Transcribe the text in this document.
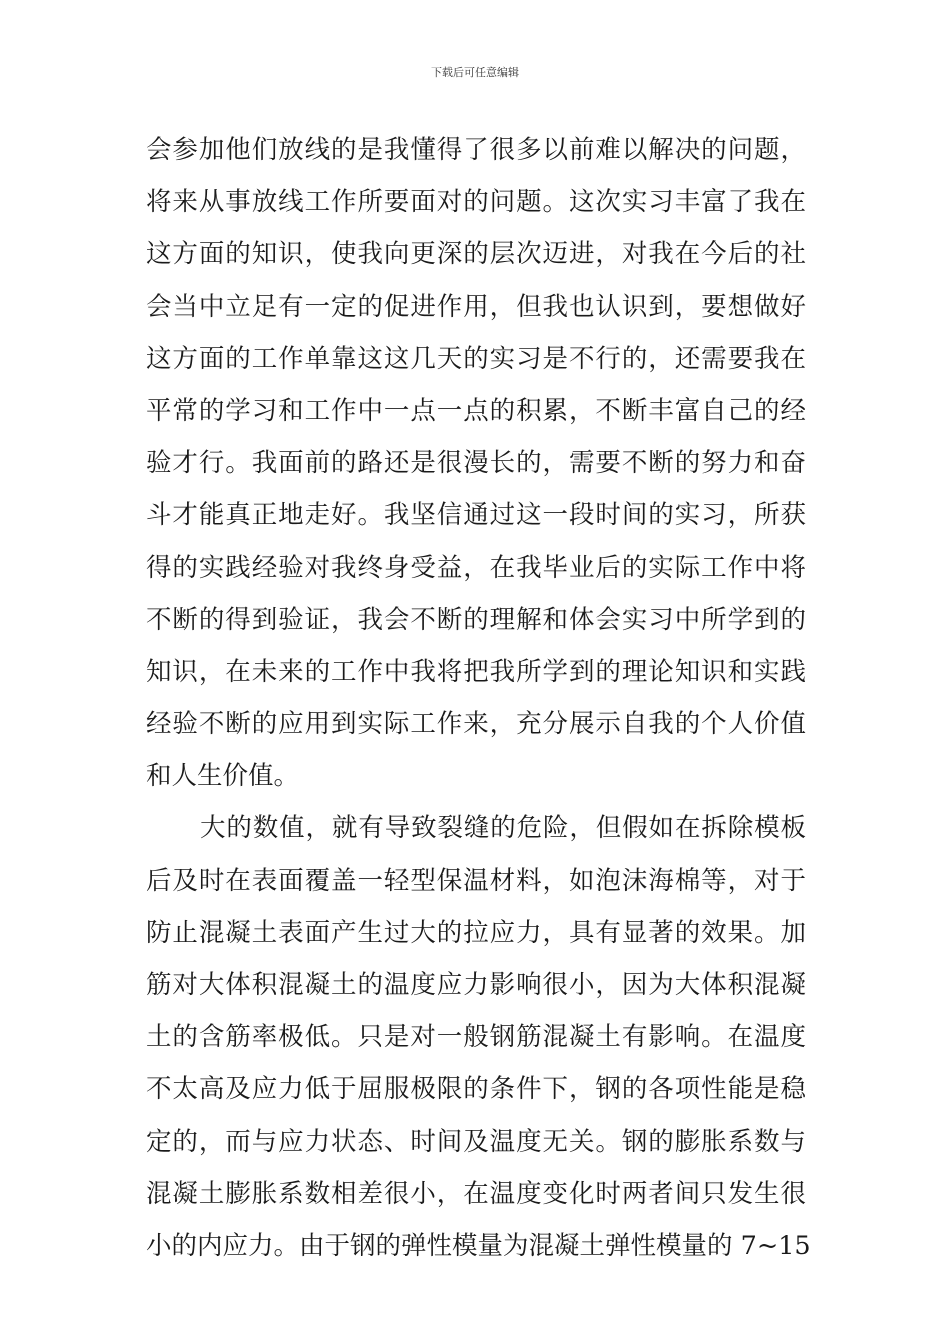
下载后可任意编辑
会参加他们放线的是我懂得了很多以前难以解决的问题，
将来从事放线工作所要面对的问题。这次实习丰富了我在
这方面的知识，使我向更深的层次迈进，对我在今后的社
会当中立足有一定的促进作用，但我也认识到，要想做好
这方面的工作单靠这这几天的实习是不行的，还需要我在
平常的学习和工作中一点一点的积累，不断丰富自己的经
验才行。我面前的路还是很漫长的，需要不断的努力和奋
斗才能真正地走好。我坚信通过这一段时间的实习，所获
得的实践经验对我终身受益，在我毕业后的实际工作中将
不断的得到验证，我会不断的理解和体会实习中所学到的
知识，在未来的工作中我将把我所学到的理论知识和实践
经验不断的应用到实际工作来，充分展示自我的个人价值
和人生价值。
大的数值，就有导致裂缝的危险，但假如在拆除模板
后及时在表面覆盖一轻型保温材料，如泡沫海棉等，对于
防止混凝土表面产生过大的拉应力，具有显著的效果。加
筋对大体积混凝土的温度应力影响很小，因为大体积混凝
土的含筋率极低。只是对一般钢筋混凝土有影响。在温度
不太高及应力低于屈服极限的条件下，钢的各项性能是稳
定的，而与应力状态、时间及温度无关。钢的膨胀系数与
混凝土膨胀系数相差很小，在温度变化时两者间只发生很
小的内应力。由于钢的弹性模量为混凝土弹性模量的 7~15
